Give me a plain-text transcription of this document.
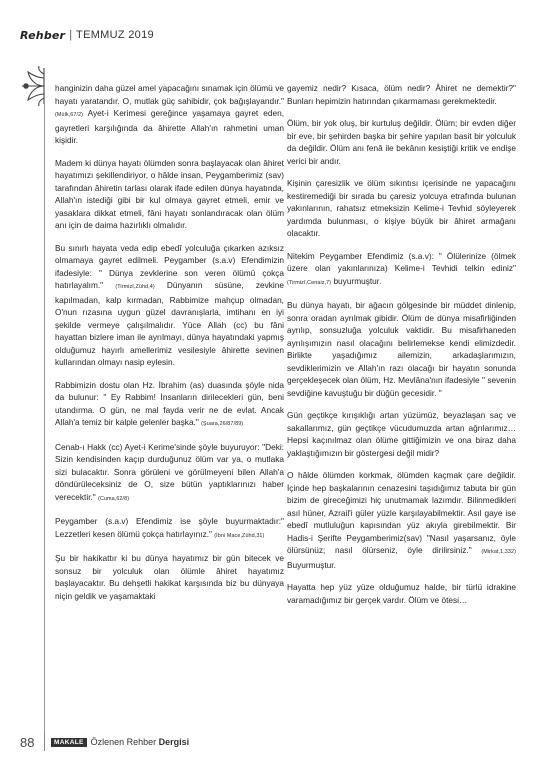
Rehber | TEMMUZ 2019

hanginizin daha güzel amel yapacağını sınamak için ölümü ve hayatı yaratandır. O, mutlak güç sahibidir, çok bağışlayandır." (Mülk,67/2) Ayet-i Kerimesi gereğince yaşamaya gayret eden, gayretleri karşılığında da âhirette Allah'ın rahmetini uman kişidir.

Madem ki dünya hayatı ölümden sonra başlayacak olan âhiret hayatımızı şekillendiriyor, o hâlde insan, Peygamberimiz (sav) tarafından âhiretin tarlası olarak ifade edilen dünya hayatında, Allah'ın istediği gibi bir kul olmaya gayret etmeli, emir ve yasaklara dikkat etmeli, fâni hayatı sonlandıracak olan ölüm anı için de daima hazırlıklı olmalıdır.

Bu sınırlı hayata veda edip ebedî yolculuğa çıkarken azıksız olmamaya gayret edilmeli. Peygamber (s.a.v) Efendimizin ifadesiyle: " Dünya zevklerine son veren ölümü çokça hatırlayalım." (Tirmizî,Zühd,4) Dünyanın süsüne, zevkine kapılmadan, kalp kırmadan, Rabbimize mahçup olmadan, O'nun rızasına uygun güzel davranışlarla, imtihanı en iyi şekilde vermeye çalışılmalıdır. Yüce Allah (cc) bu fâni hayattan bizlere iman ile ayrılmayı, dünya hayatındaki yapmış olduğumuz hayırlı amellerimiz vesilesiyle âhirette sevinen kullarından olmayı nasip eylesin.

Rabbimizin dostu olan Hz. İbrahim (as) duasında şöyle nida da bulunur: " Ey Rabbim! İnsanların dirilecekleri gün, beni utandırma. O gün, ne mal fayda verir ne de evlat. Ancak Allah'a temiz bir kalple gelenler başka." (Şuara,26/87/89)

Cenab-ı Hakk (cc) Ayet-i Kerime'sinde şöyle buyuruyor: "Deki: Sizin kendisinden kaçıp durduğunuz ölüm var ya, o mutlaka sizi bulacaktır. Sonra görüleni ve görülmeyeni bilen Allah'a döndürüleceksiniz de O, size bütün yaptıklarınızı haber verecektir." (Cuma,62/8)

Peygamber (s.a.v) Efendimiz ise şöyle buyurmaktadır:" Lezzetleri kesen ölümü çokça hatırlayınız." (İbni Mace,Zühd,31)

Şu bir hakikattır ki bu dünya hayatımız bir gün bitecek ve sonsuz bir yolculuk olan ölümle âhiret hayatımız başlayacaktır. Bu dehşetli hakikat karşısında biz bu dünyaya niçin geldik ve yaşamaktaki

gayemiz nedir? Kısaca, ölüm nedir? Âhiret ne demektir?" Bunları hepimizin hatırından çıkarmaması gerekmektedir.

Ölüm, bir yok oluş, bir kurtuluş değildir. Ölüm; bir evden diğer bir eve, bir şehirden başka bir şehire yapılan basit bir yolculuk da değildir. Ölüm anı fenâ ile bekânın kesiştiği kritik ve endişe verici bir andır.

Kişinin çaresizlik ve ölüm sıkıntısı içerisinde ne yapacağını kestiremediği bir sırada bu çaresiz yolcuya etrafında bulunan yakınlarının, rahatsız etmeksizin Kelime-i Tevhid söyleyerek yardımda bulunması, o kişiye büyük bir âhiret armağanı olacaktır.

Nitekim Peygamber Efendimiz (s.a.v): " Ölülerinize (ölmek üzere olan yakınlarınıza) Kelime-i Tevhidi telkin ediniz" (Tirmizî,Cenaiz,7) buyurmuştur.

Bu dünya hayatı, bir ağacın gölgesinde bir müddet dinlenip, sonra oradan ayrılmak gibidir. Ölüm de dünya misafirliğinden ayrılıp, sonsuzluğa yolculuk vaktidir. Bu misafirhaneden ayrılışımızın nasıl olacağını belirlemekse kendi elimizdedir. Birlikte yaşadığımız ailemizin, arkadaşlarımızın, sevdiklerimizin ve Allah'ın razı olacağı bir hayatın sonunda gerçekleşecek olan ölüm, Hz. Mevlâna'nın ifadesiyle " sevenin sevdiğine kavuştuğu bir düğün gecesidir. "

Gün geçtikçe kırışıklığı artan yüzümüz, beyazlaşan saç ve sakallarımız, gün geçtikçe vücudumuzda artan ağrılarımız… Hepsi kaçınılmaz olan ölüme gittiğimizin ve ona biraz daha yaklaştığımızın bir göstergesi değil midir?

O hâlde ölümden korkmak, ölümden kaçmak çare değildir. İçinde hep başkalarının cenazesini taşıdığımız tabuta bir gün bizim de gireceğimizi hiç unutmamak lazımdır. Bilinmedikleri asıl hüner, Azrail'i güler yüzle karşılayabilmektir. Asıl gaye ise ebedî mutluluğun kapısından yüz akıyla girebilmektir. Bir Hadis-i Şerifte Peygamberimiz(sav) "Nasıl yaşarsanız, öyle ölürsünüz; nasıl ölürseniz, öyle dirilirsiniz." (Mirkat,1,332) Buyurmuştur.

Hayatta hep yüz yüze olduğumuz halde, bir türlü idrakine varamadığımız bir gerçek vardır. Ölüm ve ötesi…

88	MAKALE Özlenen Rehber Dergisi
